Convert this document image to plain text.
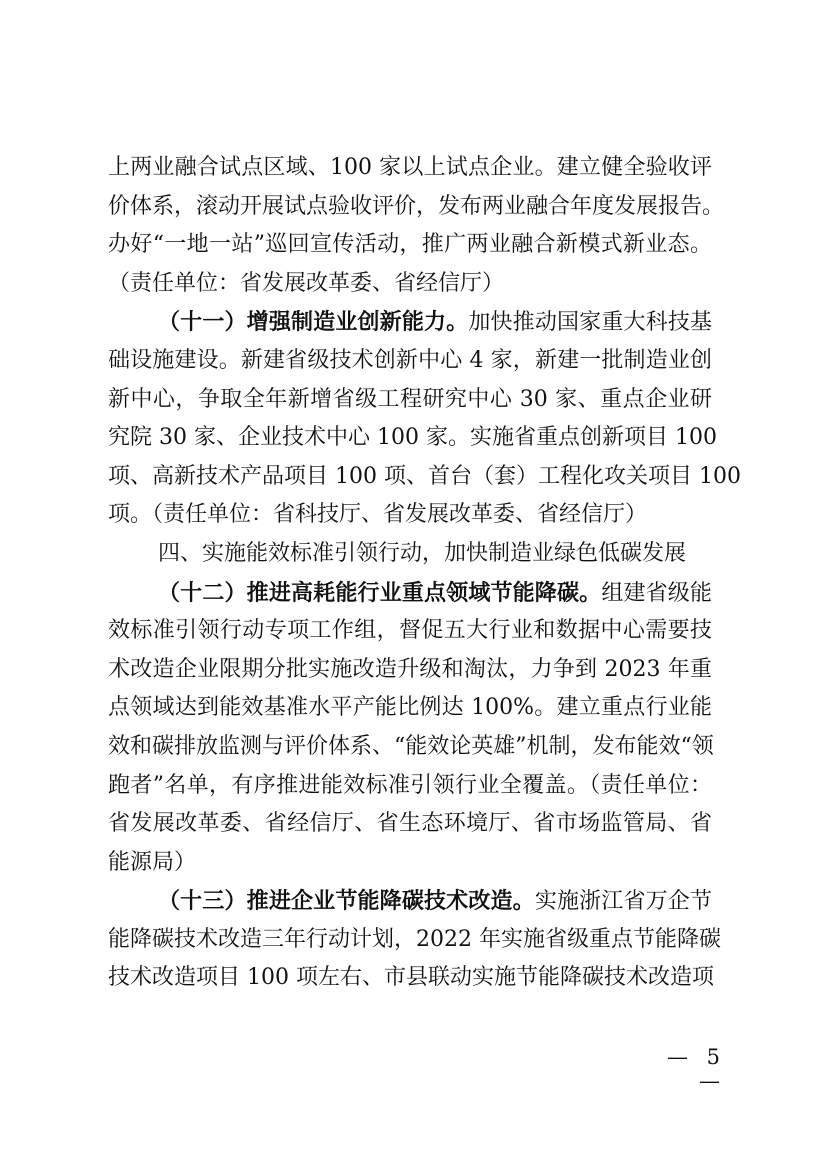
上两业融合试点区域、100 家以上试点企业。建立健全验收评
价体系，滚动开展试点验收评价，发布两业融合年度发展报告。
办好“一地一站”巡回宣传活动，推广两业融合新模式新业态。
（责任单位：省发展改革委、省经信厅）
（十一）增强制造业创新能力。加快推动国家重大科技基
础设施建设。新建省级技术创新中心 4 家，新建一批制造业创
新中心，争取全年新增省级工程研究中心 30 家、重点企业研
究院 30 家、企业技术中心 100 家。实施省重点创新项目 100
项、高新技术产品项目 100 项、首台（套）工程化攻关项目 100
项。（责任单位：省科技厅、省发展改革委、省经信厅）
四、实施能效标准引领行动，加快制造业绿色低碳发展
（十二）推进高耗能行业重点领域节能降碳。组建省级能
效标准引领行动专项工作组，督促五大行业和数据中心需要技
术改造企业限期分批实施改造升级和淘汰，力争到 2023 年重
点领域达到能效基准水平产能比例达 100%。建立重点行业能
效和碳排放监测与评价体系、“能效论英雄”机制，发布能效“领
跑者”名单，有序推进能效标准引领行业全覆盖。（责任单位：
省发展改革委、省经信厅、省生态环境厅、省市场监管局、省
能源局）
（十三）推进企业节能降碳技术改造。实施浙江省万企节
能降碳技术改造三年行动计划，2022 年实施省级重点节能降碳
技术改造项目 100 项左右、市县联动实施节能降碳技术改造项
— 5 —
